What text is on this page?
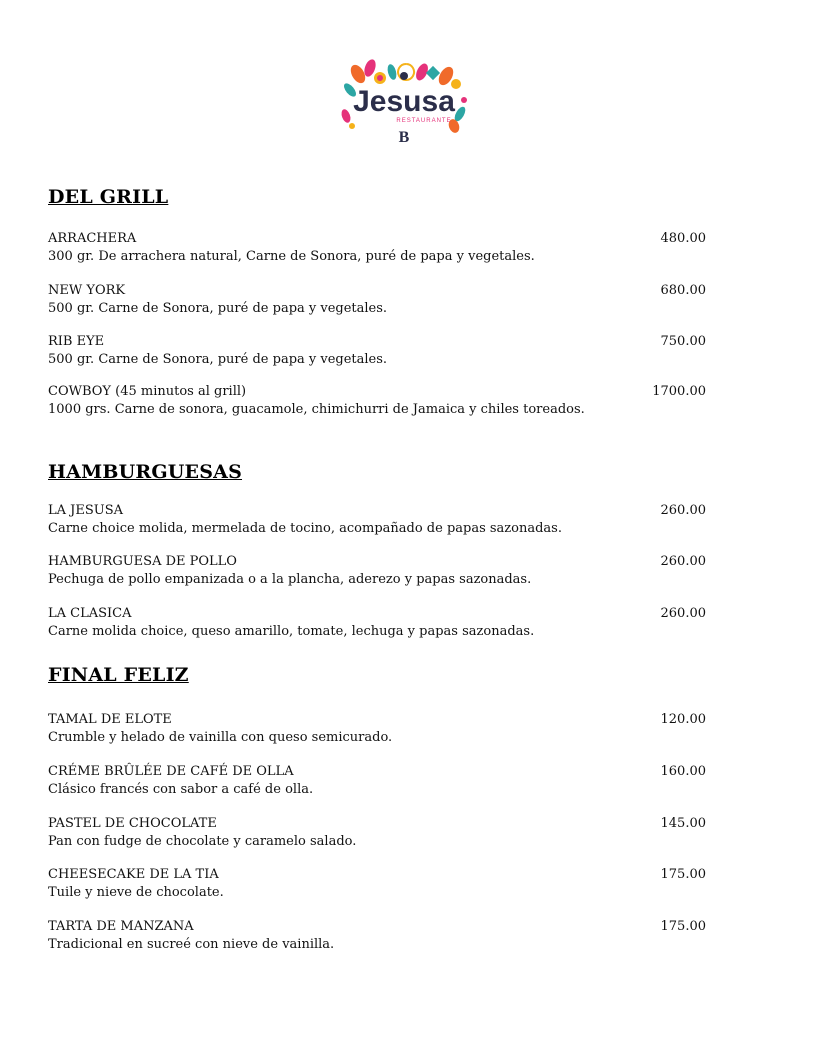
Jesusa
RESTAURANTE
B
DEL GRILL
ARRACHERA	480.00
300 gr. De arrachera natural, Carne de Sonora, puré de papa y vegetales.
NEW YORK	680.00
500 gr. Carne de Sonora, puré de papa y vegetales.
RIB EYE	750.00
500 gr. Carne de Sonora, puré de papa y vegetales.
COWBOY (45 minutos al grill)	1700.00
1000 grs. Carne de sonora, guacamole, chimichurri de Jamaica y chiles toreados.
HAMBURGUESAS
LA JESUSA	260.00
Carne choice molida, mermelada de tocino, acompañado de papas sazonadas.
HAMBURGUESA DE POLLO	260.00
Pechuga de pollo empanizada o a la plancha, aderezo y papas sazonadas.
LA CLASICA	260.00
Carne molida choice, queso amarillo, tomate, lechuga y papas sazonadas.
FINAL FELIZ
TAMAL DE ELOTE	120.00
Crumble y helado de vainilla con queso semicurado.
CRÉME BRÛLÉE DE CAFÉ DE OLLA	160.00
Clásico francés con sabor a café de olla.
PASTEL DE CHOCOLATE	145.00
Pan con fudge de chocolate y caramelo salado.
CHEESECAKE DE LA TIA	175.00
Tuile y nieve de chocolate.
TARTA DE MANZANA	175.00
Tradicional en sucreé con nieve de vainilla.
